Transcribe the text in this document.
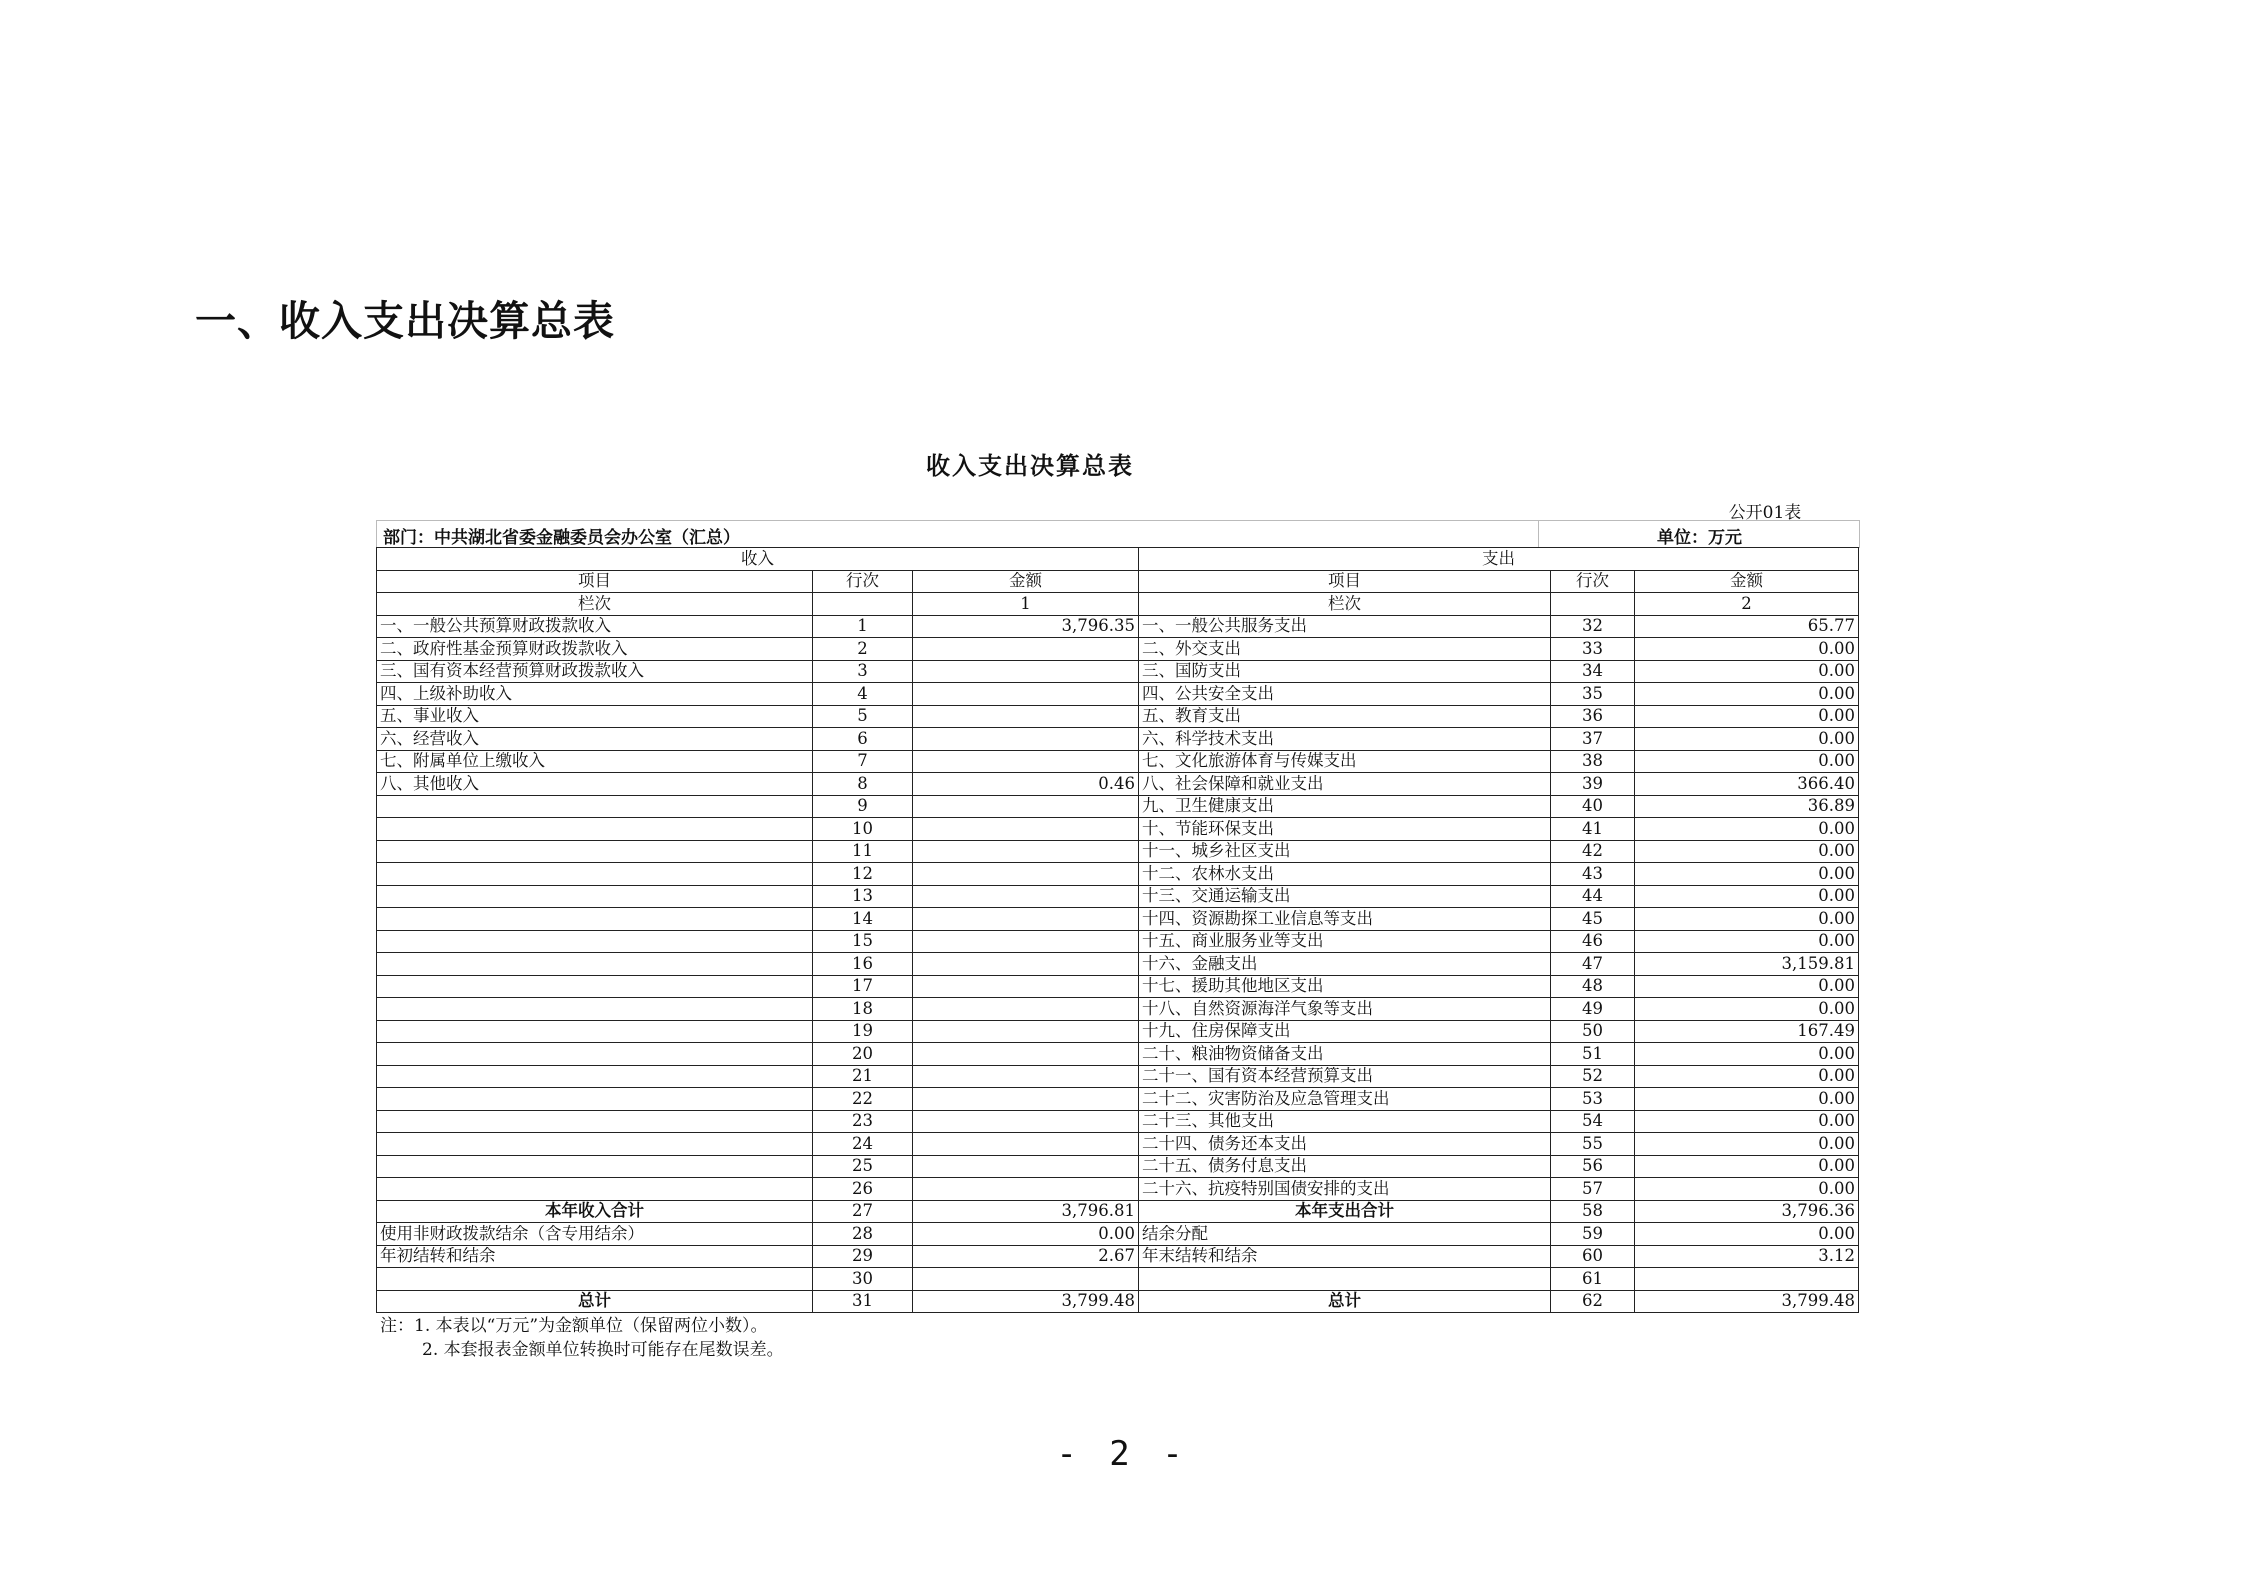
一、收入支出决算总表
收入支出决算总表
公开01表
部门：中共湖北省委金融委员会办公室（汇总）	单位：万元
收入			支出		
项目	行次	金额	项目	行次	金额
栏次		1	栏次		2
一、一般公共预算财政拨款收入	1	3,796.35	一、一般公共服务支出	32	65.77
二、政府性基金预算财政拨款收入	2		二、外交支出	33	0.00
三、国有资本经营预算财政拨款收入	3		三、国防支出	34	0.00
四、上级补助收入	4		四、公共安全支出	35	0.00
五、事业收入	5		五、教育支出	36	0.00
六、经营收入	6		六、科学技术支出	37	0.00
七、附属单位上缴收入	7		七、文化旅游体育与传媒支出	38	0.00
八、其他收入	8	0.46	八、社会保障和就业支出	39	366.40
	9		九、卫生健康支出	40	36.89
	10		十、节能环保支出	41	0.00
	11		十一、城乡社区支出	42	0.00
	12		十二、农林水支出	43	0.00
	13		十三、交通运输支出	44	0.00
	14		十四、资源勘探工业信息等支出	45	0.00
	15		十五、商业服务业等支出	46	0.00
	16		十六、金融支出	47	3,159.81
	17		十七、援助其他地区支出	48	0.00
	18		十八、自然资源海洋气象等支出	49	0.00
	19		十九、住房保障支出	50	167.49
	20		二十、粮油物资储备支出	51	0.00
	21		二十一、国有资本经营预算支出	52	0.00
	22		二十二、灾害防治及应急管理支出	53	0.00
	23		二十三、其他支出	54	0.00
	24		二十四、债务还本支出	55	0.00
	25		二十五、债务付息支出	56	0.00
	26		二十六、抗疫特别国债安排的支出	57	0.00
本年收入合计	27	3,796.81	本年支出合计	58	3,796.36
使用非财政拨款结余（含专用结余）	28	0.00	结余分配	59	0.00
年初结转和结余	29	2.67	年末结转和结余	60	3.12
	30			61	
总计	31	3,799.48	总计	62	3,799.48
注：1. 本表以“万元”为金额单位（保留两位小数）。
2. 本套报表金额单位转换时可能存在尾数误差。
- 2 -
